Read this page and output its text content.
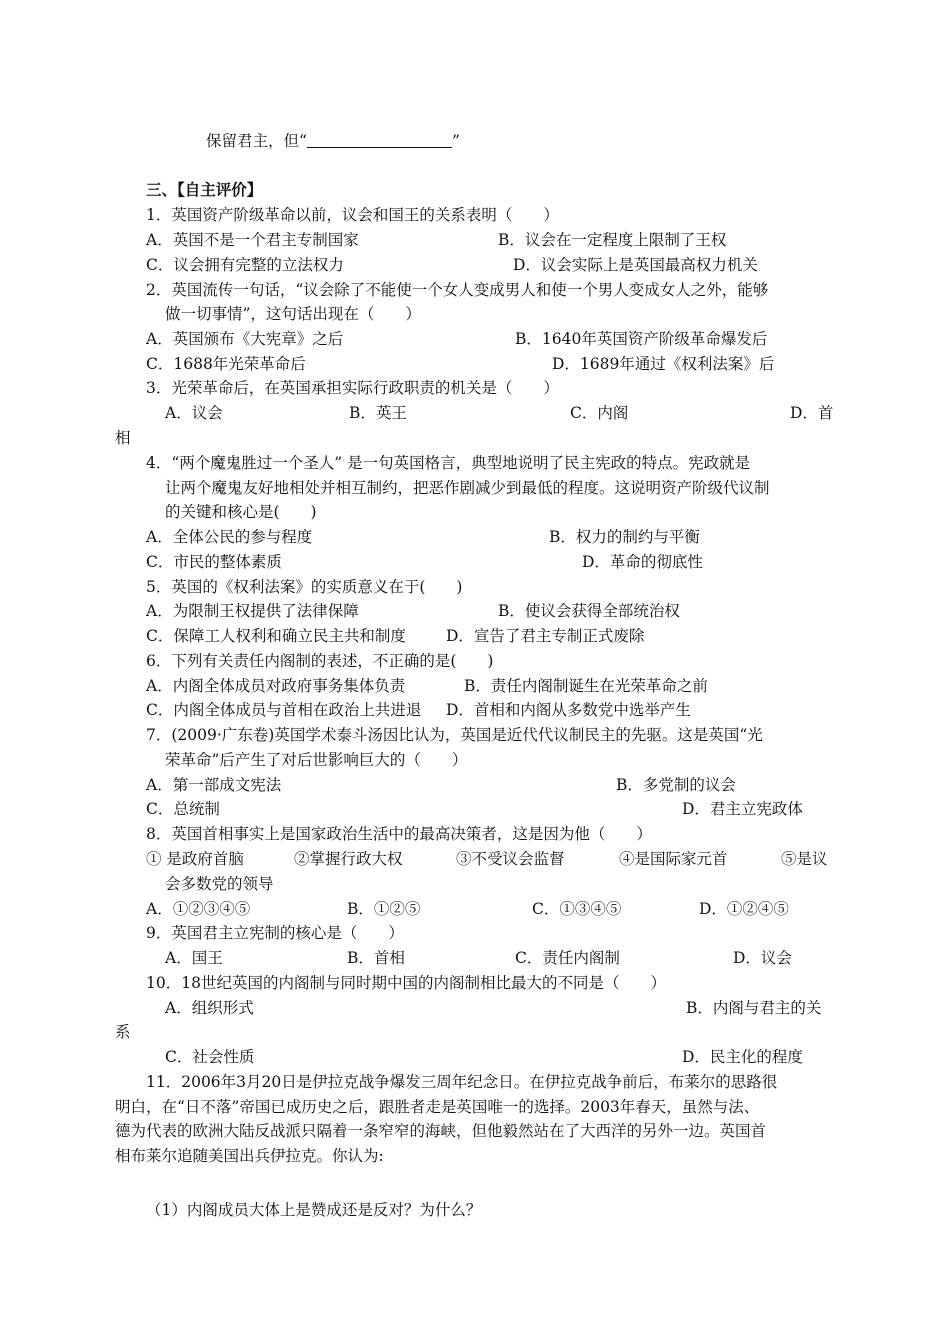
保留君主，但“	”
三、【自主评价】
1．英国资产阶级革命以前，议会和国王的关系表明（　　）
A．英国不是一个君主专制国家	B．议会在一定程度上限制了王权
C．议会拥有完整的立法权力	D．议会实际上是英国最高权力机关
2．英国流传一句话，“议会除了不能使一个女人变成男人和使一个男人变成女人之外，能够
做一切事情”，这句话出现在（　　）
A．英国颁布《大宪章》之后	B．1640年英国资产阶级革命爆发后
C．1688年光荣革命后	D．1689年通过《权利法案》后
3．光荣革命后，在英国承担实际行政职责的机关是（　　）
A．议会	B．英王	C．内阁	D．首
相
4．“两个魔鬼胜过一个圣人” 是一句英国格言，典型地说明了民主宪政的特点。宪政就是
让两个魔鬼友好地相处并相互制约，把恶作剧减少到最低的程度。这说明资产阶级代议制
的关键和核心是(　　)
A．全体公民的参与程度	B．权力的制约与平衡
C．市民的整体素质	D．革命的彻底性
5．英国的《权利法案》的实质意义在于(　　)
A．为限制王权提供了法律保障	B．使议会获得全部统治权
C．保障工人权利和确立民主共和制度	D．宣告了君主专制正式废除
6．下列有关责任内阁制的表述，不正确的是(　　)
A．内阁全体成员对政府事务集体负责	B．责任内阁制诞生在光荣革命之前
C．内阁全体成员与首相在政治上共进退 D．首相和内阁从多数党中选举产生
7．(2009·广东卷)英国学术泰斗汤因比认为，英国是近代代议制民主的先驱。这是英国“光
荣革命”后产生了对后世影响巨大的（　　）
A．第一部成文宪法	B．多党制的议会
C．总统制	D．君主立宪政体
8．英国首相事实上是国家政治生活中的最高决策者，这是因为他（　　）
① 是政府首脑	②掌握行政大权	③不受议会监督	④是国际家元首	⑤是议
会多数党的领导
A．①②③④⑤	B．①②⑤	C．①③④⑤	D．①②④⑤
9．英国君主立宪制的核心是（　　）
A．国王	B．首相	C．责任内阁制	D．议会
10．18世纪英国的内阁制与同时期中国的内阁制相比最大的不同是（　　）
A．组织形式	B．内阁与君主的关
系
C．社会性质	D．民主化的程度
11．2006年3月20日是伊拉克战争爆发三周年纪念日。在伊拉克战争前后，布莱尔的思路很
明白，在“日不落”帝国已成历史之后，跟胜者走是英国唯一的选择。2003年春天，虽然与法、
德为代表的欧洲大陆反战派只隔着一条窄窄的海峡，但他毅然站在了大西洋的另外一边。英国首
相布莱尔追随美国出兵伊拉克。你认为:
（1）内阁成员大体上是赞成还是反对？为什么？
